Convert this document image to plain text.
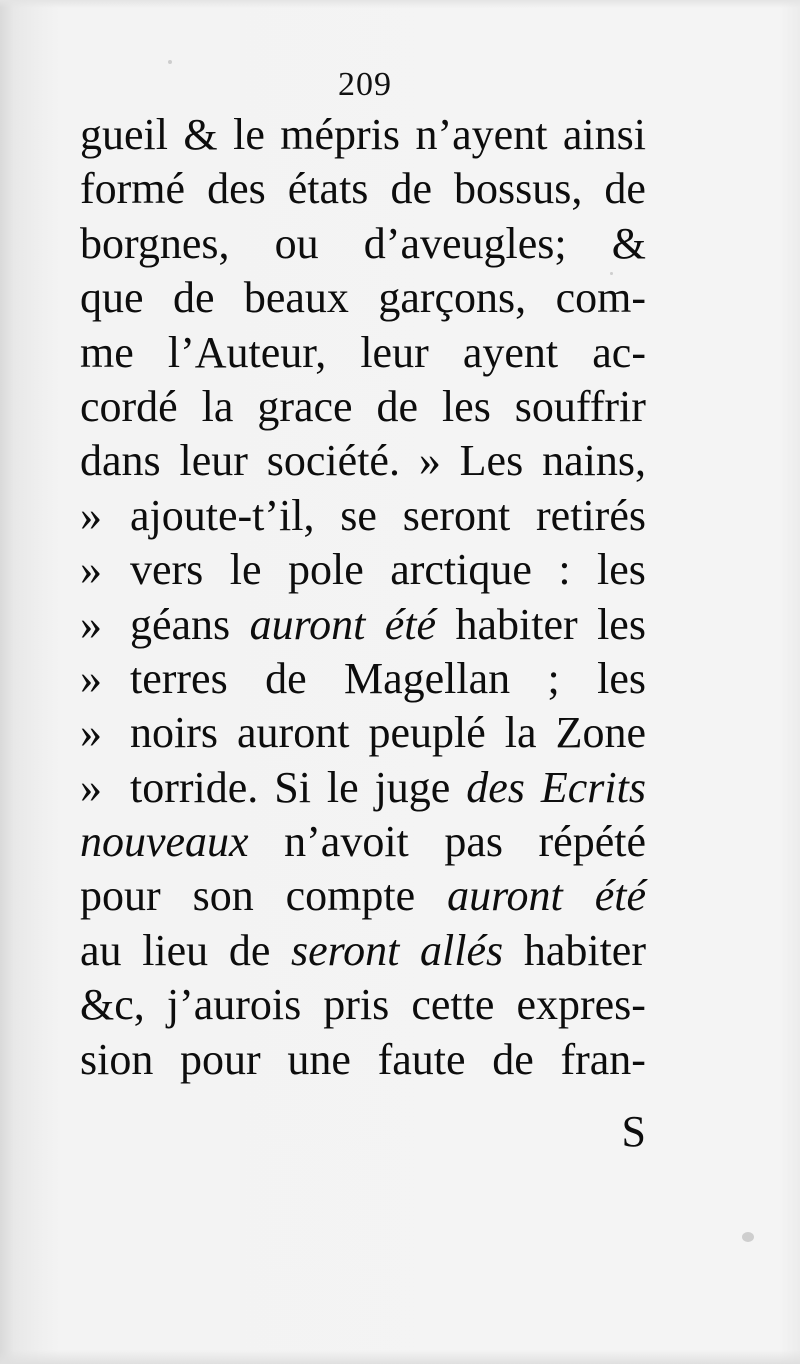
209
gueil & le mépris n’ayent ainsi
formé des états de bossus, de
borgnes, ou d’aveugles; &
que de beaux garçons, com-
me l’Auteur, leur ayent ac-
cordé la grace de les souffrir
dans leur société. » Les nains,
» ajoute-t’il, se seront retirés
» vers le pole arctique : les
» géans auront été habiter les
» terres de Magellan ; les
» noirs auront peuplé la Zone
» torride. Si le juge des Ecrits
nouveaux n’avoit pas répété
pour son compte auront été
au lieu de seront allés habiter
&c, j’aurois pris cette expres-
sion pour une faute de fran-
S
